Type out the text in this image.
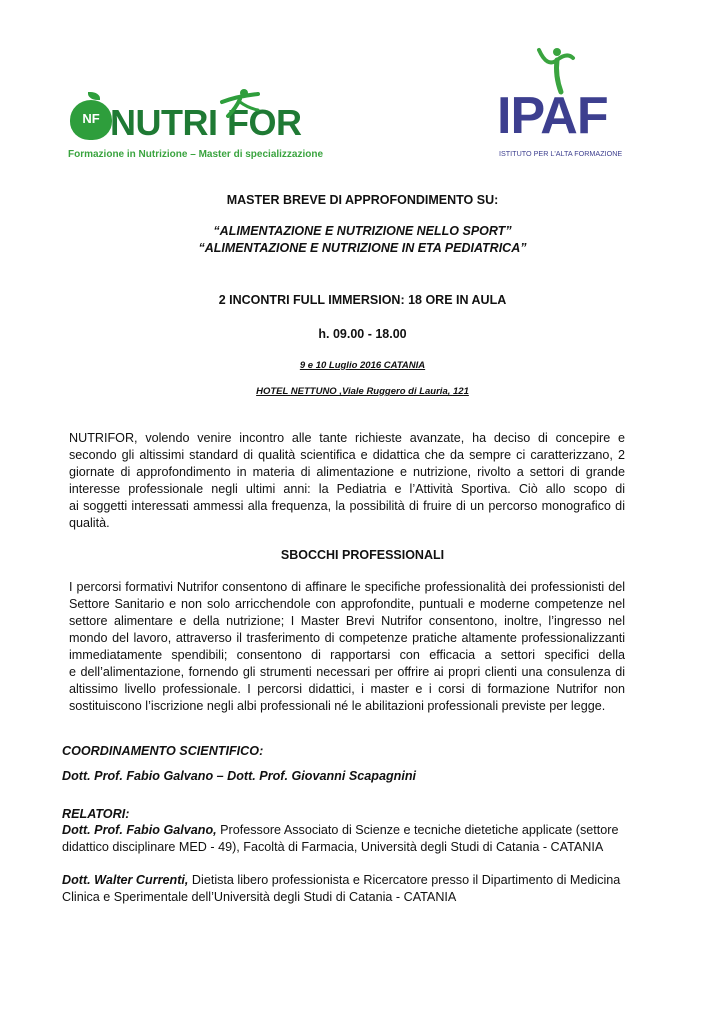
NF NUTRI FOR
Formazione in Nutrizione – Master di specializzazione
IPAF
ISTITUTO PER L'ALTA FORMAZIONE
MASTER BREVE DI APPROFONDIMENTO SU:
“ALIMENTAZIONE E NUTRIZIONE NELLO SPORT”
“ALIMENTAZIONE E NUTRIZIONE IN ETA PEDIATRICA”
2 INCONTRI FULL IMMERSION: 18 ORE IN AULA
h. 09.00 - 18.00
9 e 10 Luglio 2016 CATANIA
HOTEL NETTUNO ,Viale Ruggero di Lauria, 121
NUTRIFOR, volendo venire incontro alle tante richieste avanzate, ha deciso di concepire e
secondo gli altissimi standard di qualità scientifica e didattica che da sempre ci caratterizzano, 2
giornate di approfondimento in materia di alimentazione e nutrizione, rivolto a settori di grande
interesse professionale negli ultimi anni: la Pediatria e l’Attività Sportiva. Ciò allo scopo di
ai soggetti interessati ammessi alla frequenza, la possibilità di fruire di un percorso monografico di
qualità.
SBOCCHI PROFESSIONALI
I percorsi formativi Nutrifor consentono di affinare le specifiche professionalità dei professionisti del
Settore Sanitario e non solo arricchendole con approfondite, puntuali e moderne competenze nel
settore alimentare e della nutrizione; I Master Brevi Nutrifor consentono, inoltre, l’ingresso nel
mondo del lavoro, attraverso il trasferimento di competenze pratiche altamente professionalizzanti
immediatamente spendibili; consentono di rapportarsi con efficacia a settori specifici della
e dell’alimentazione, fornendo gli strumenti necessari per offrire ai propri clienti una consulenza di
altissimo livello professionale. I percorsi didattici, i master e i corsi di formazione Nutrifor non
sostituiscono l’iscrizione negli albi professionali né le abilitazioni professionali previste per legge.
COORDINAMENTO SCIENTIFICO:
Dott. Prof. Fabio Galvano – Dott. Prof. Giovanni Scapagnini
RELATORI:
Dott. Prof. Fabio Galvano, Professore Associato di Scienze e tecniche dietetiche applicate (settore
didattico disciplinare MED - 49), Facoltà di Farmacia, Università degli Studi di Catania - CATANIA
Dott. Walter Currenti, Dietista libero professionista e Ricercatore presso il Dipartimento di Medicina
Clinica e Sperimentale dell’Università degli Studi di Catania - CATANIA
